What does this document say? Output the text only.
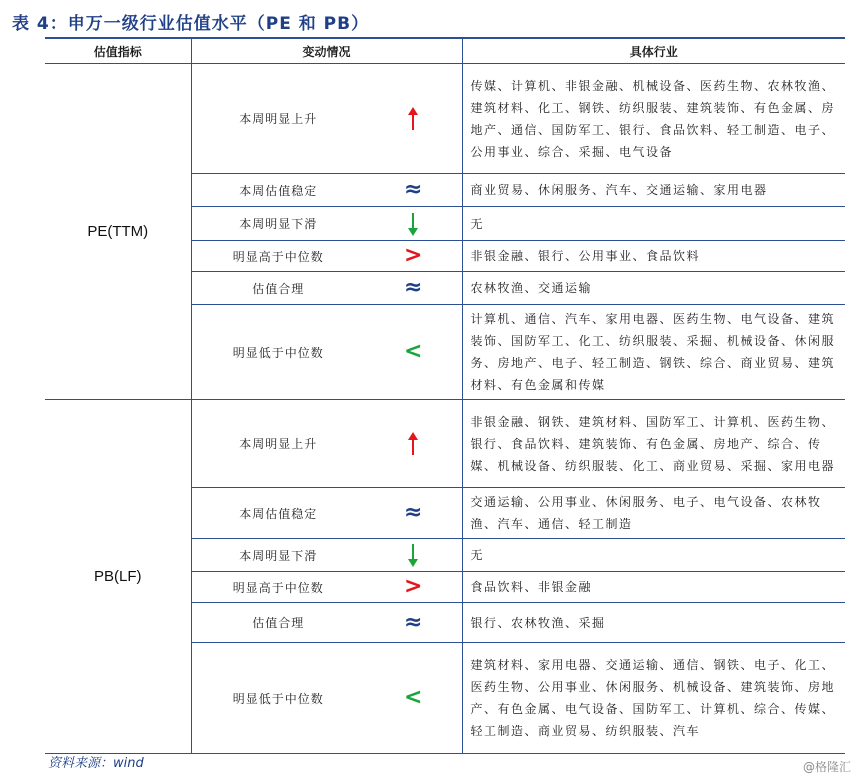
表 4：申万一级行业估值水平（PE 和 PB）
估值指标	变动情况		具体行业
PE(TTM)	本周明显上升		传媒、计算机、非银金融、机械设备、医药生物、农林牧渔、建筑材料、化工、钢铁、纺织服装、建筑装饰、有色金属、房地产、通信、国防军工、银行、食品饮料、轻工制造、电子、公用事业、综合、采掘、电气设备
	本周估值稳定	≈	商业贸易、休闲服务、汽车、交通运输、家用电器
	本周明显下滑		无
	明显高于中位数	>	非银金融、银行、公用事业、食品饮料
	估值合理	≈	农林牧渔、交通运输
	明显低于中位数	<	计算机、通信、汽车、家用电器、医药生物、电气设备、建筑装饰、国防军工、化工、纺织服装、采掘、机械设备、休闲服务、房地产、电子、轻工制造、钢铁、综合、商业贸易、建筑材料、有色金属和传媒
PB(LF)	本周明显上升		非银金融、钢铁、建筑材料、国防军工、计算机、医药生物、银行、食品饮料、建筑装饰、有色金属、房地产、综合、传媒、机械设备、纺织服装、化工、商业贸易、采掘、家用电器
	本周估值稳定	≈	交通运输、公用事业、休闲服务、电子、电气设备、农林牧渔、汽车、通信、轻工制造
	本周明显下滑		无
	明显高于中位数	>	食品饮料、非银金融
	估值合理	≈	银行、农林牧渔、采掘
	明显低于中位数	<	建筑材料、家用电器、交通运输、通信、钢铁、电子、化工、医药生物、公用事业、休闲服务、机械设备、建筑装饰、房地产、有色金属、电气设备、国防军工、计算机、综合、传媒、轻工制造、商业贸易、纺织服装、汽车
资料来源：wind	@格隆汇
